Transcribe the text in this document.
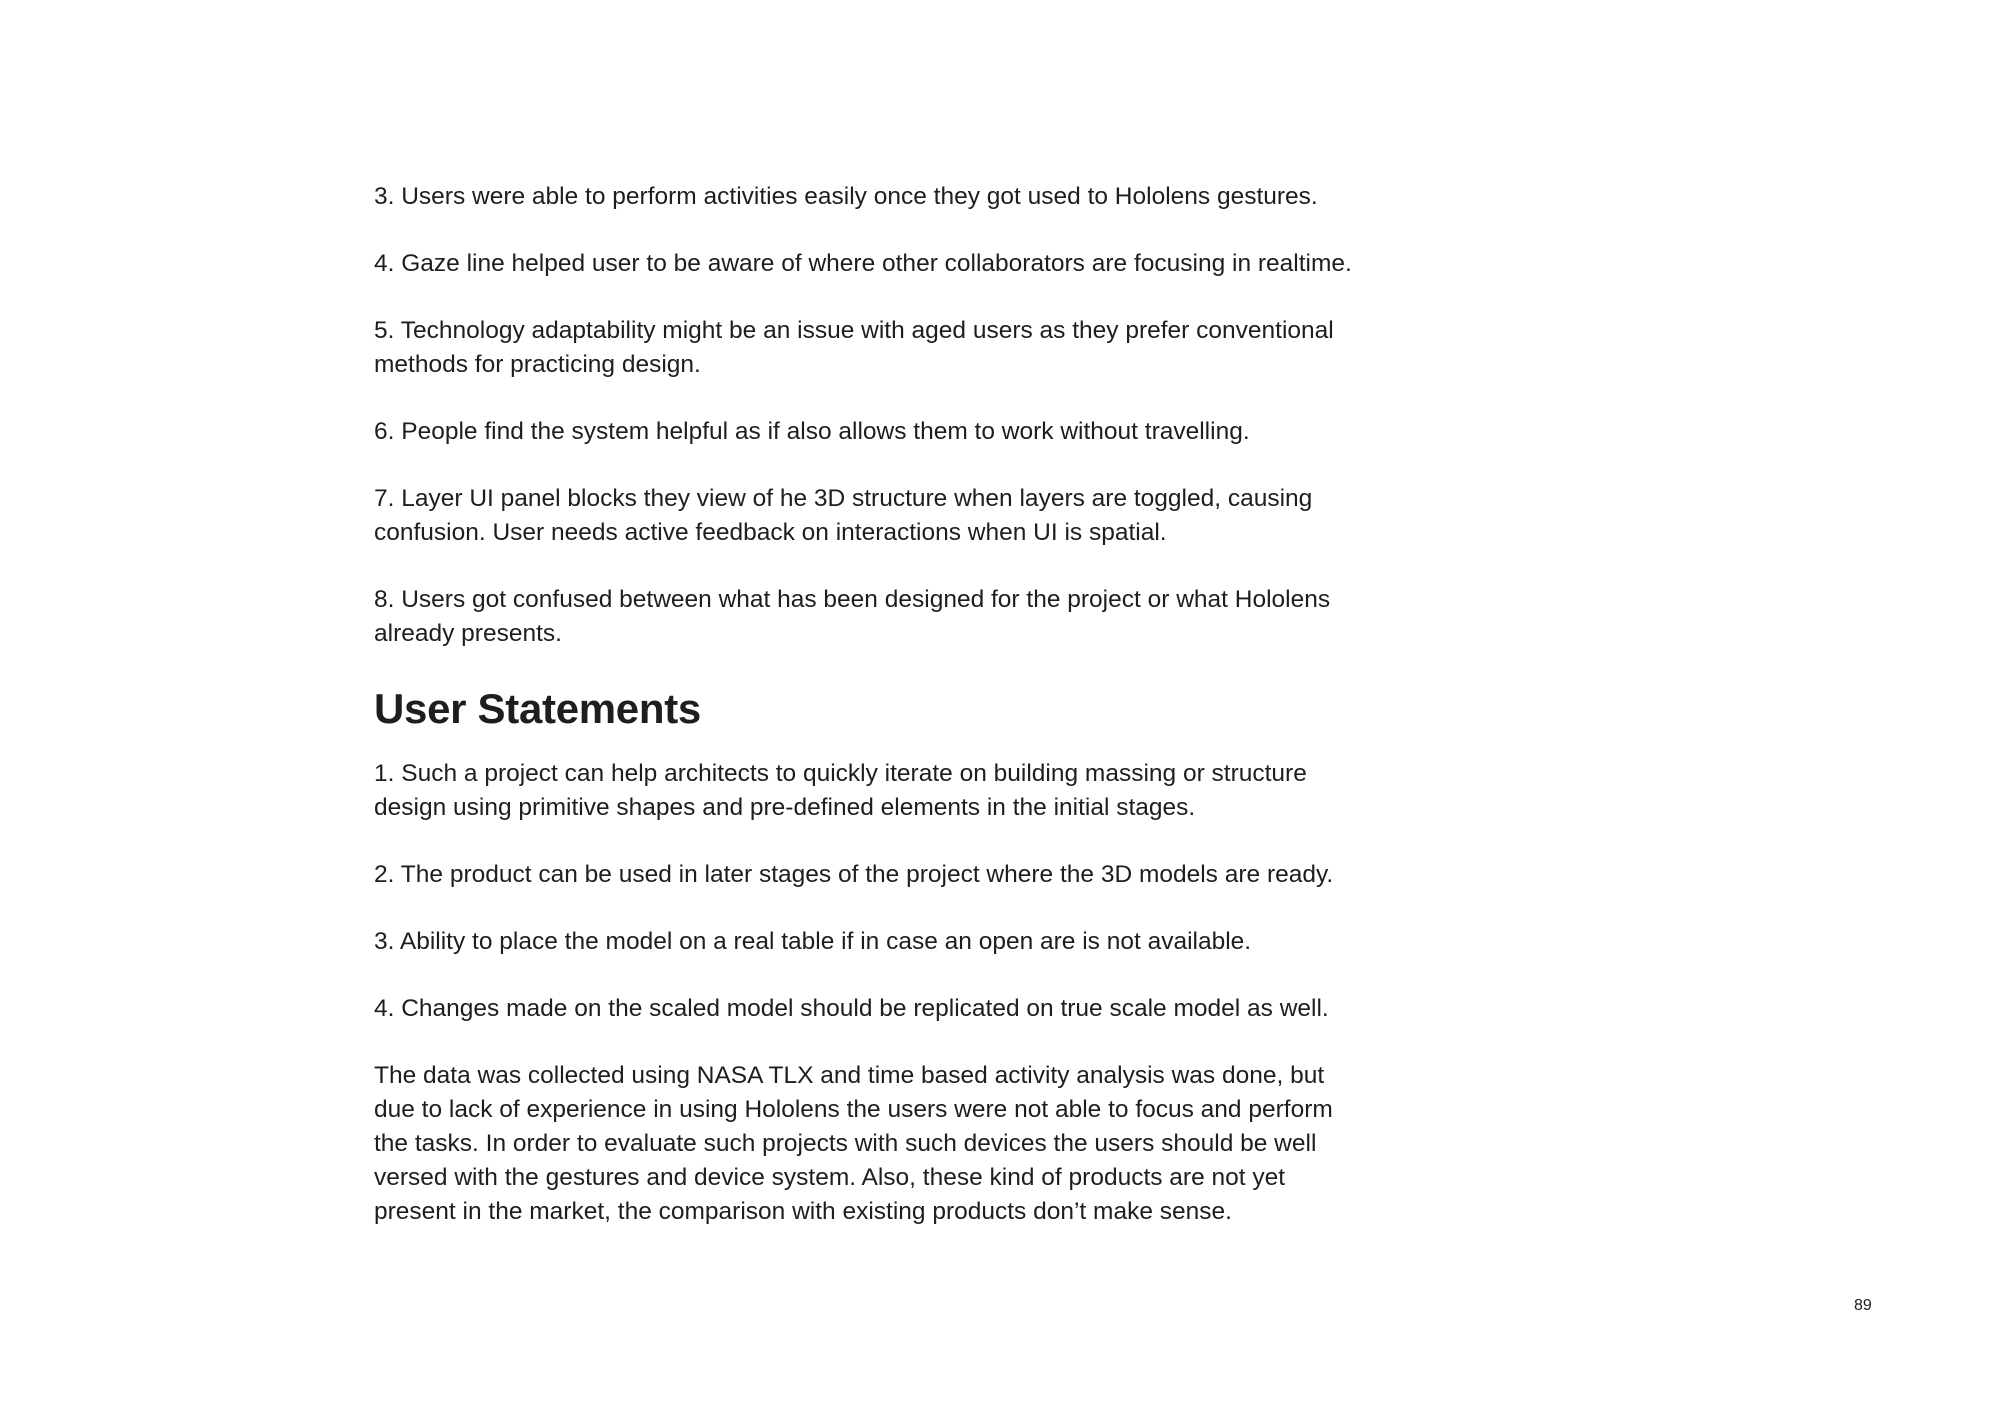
3. Users were able to perform activities easily once they got used to Hololens gestures.

4. Gaze line helped user to be aware of where other collaborators are focusing in realtime.

5. Technology adaptability might be an issue with aged users as they prefer conventional
methods for practicing design.

6. People find the system helpful as if also allows them to work without travelling.

7. Layer UI panel blocks they view of he 3D structure when layers are toggled, causing
confusion. User needs active feedback on interactions when UI is spatial.

8. Users got confused between what has been designed for the project or what Hololens
already presents.

User Statements

1. Such a project can help architects to quickly iterate on building massing or structure
design using primitive shapes and pre-defined elements in the initial stages.

2. The product can be used in later stages of the project where the 3D models are ready.

3. Ability to place the model on a real table if in case an open are is not available.

4. Changes made on the scaled model should be replicated on true scale model as well.

The data was collected using NASA TLX and time based activity analysis was done, but
due to lack of experience in using Hololens the users were not able to focus and perform
the tasks. In order to evaluate such projects with such devices the users should be well
versed with the gestures and device system. Also, these kind of products are not yet
present in the market, the comparison with existing products don’t make sense.

89
